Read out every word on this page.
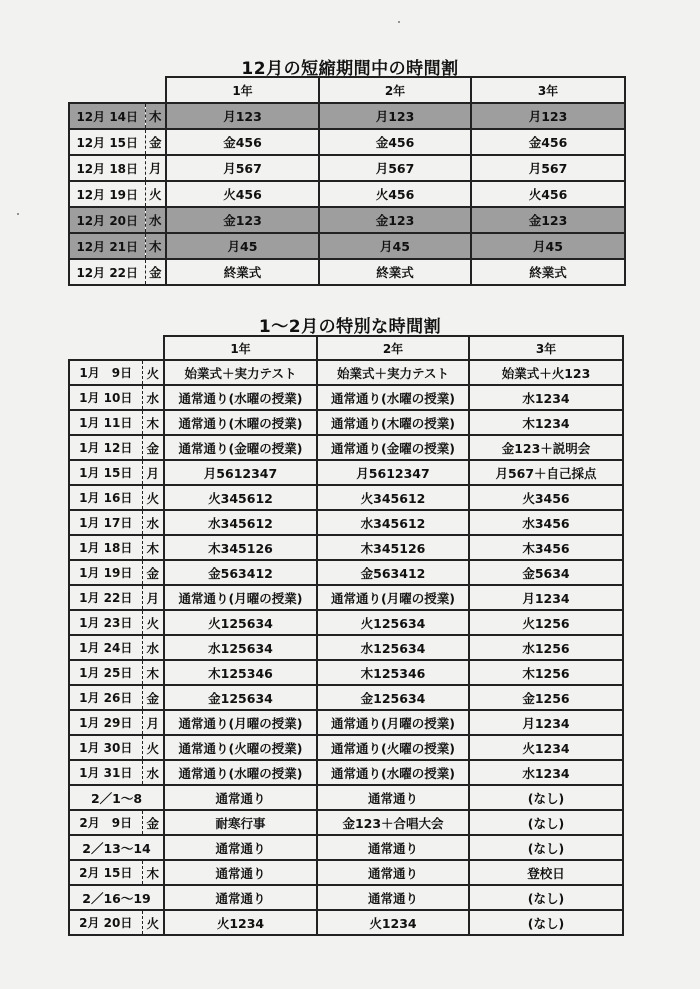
12月の短縮期間中の時間割
		1年	2年	3年
12月 14日	木	月123	月123	月123
12月 15日	金	金456	金456	金456
12月 18日	月	月567	月567	月567
12月 19日	火	火456	火456	火456
12月 20日	水	金123	金123	金123
12月 21日	木	月45	月45	月45
12月 22日	金	終業式	終業式	終業式
1～2月の特別な時間割
		1年	2年	3年
1月　9日	火	始業式＋実力テスト	始業式＋実力テスト	始業式＋火123
1月 10日	水	通常通り(水曜の授業)	通常通り(水曜の授業)	水1234
1月 11日	木	通常通り(木曜の授業)	通常通り(木曜の授業)	木1234
1月 12日	金	通常通り(金曜の授業)	通常通り(金曜の授業)	金123＋説明会
1月 15日	月	月5612347	月5612347	月567＋自己採点
1月 16日	火	火345612	火345612	火3456
1月 17日	水	水345612	水345612	水3456
1月 18日	木	木345126	木345126	木3456
1月 19日	金	金563412	金563412	金5634
1月 22日	月	通常通り(月曜の授業)	通常通り(月曜の授業)	月1234
1月 23日	火	火125634	火125634	火1256
1月 24日	水	水125634	水125634	水1256
1月 25日	木	木125346	木125346	木1256
1月 26日	金	金125634	金125634	金1256
1月 29日	月	通常通り(月曜の授業)	通常通り(月曜の授業)	月1234
1月 30日	火	通常通り(火曜の授業)	通常通り(火曜の授業)	火1234
1月 31日	水	通常通り(水曜の授業)	通常通り(水曜の授業)	水1234
2／1～8		通常通り	通常通り	(なし)
2月　9日	金	耐寒行事	金123＋合唱大会	(なし)
2／13～14		通常通り	通常通り	(なし)
2月 15日	木	通常通り	通常通り	登校日
2／16～19		通常通り	通常通り	(なし)
2月 20日	火	火1234	火1234	(なし)
